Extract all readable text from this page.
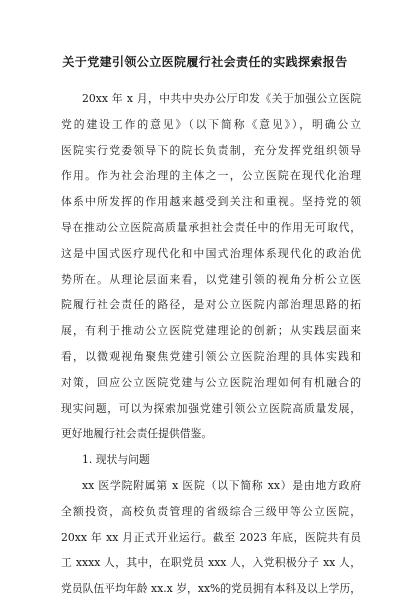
关于党建引领公立医院履行社会责任的实践探索报告
20xx 年 x 月，中共中央办公厅印发《关于加强公立医院
党的建设工作的意见》（以下简称《意见》），明确公立
医院实行党委领导下的院长负责制，充分发挥党组织领导
作用。作为社会治理的主体之一，公立医院在现代化治理
体系中所发挥的作用越来越受到关注和重视。坚持党的领
导在推动公立医院高质量承担社会责任中的作用无可取代，
这是中国式医疗现代化和中国式治理体系现代化的政治优
势所在。从理论层面来看，以党建引领的视角分析公立医
院履行社会责任的路径，是对公立医院内部治理思路的拓
展，有利于推动公立医院党建理论的创新；从实践层面来
看，以微观视角聚焦党建引领公立医院治理的具体实践和
对策，回应公立医院党建与公立医院治理如何有机融合的
现实问题，可以为探索加强党建引领公立医院高质量发展，
更好地履行社会责任提供借鉴。
1. 现状与问题
xx 医学院附属第 x 医院（以下简称 xx）是由地方政府
全额投资，高校负责管理的省级综合三级甲等公立医院，
20xx 年 xx 月正式开业运行。截至 2023 年底，医院共有员
工 xxxx 人，其中，在职党员 xxx 人，入党积极分子 xx 人，
党员队伍平均年龄 xx.x 岁，xx%的党员拥有本科及以上学历，
